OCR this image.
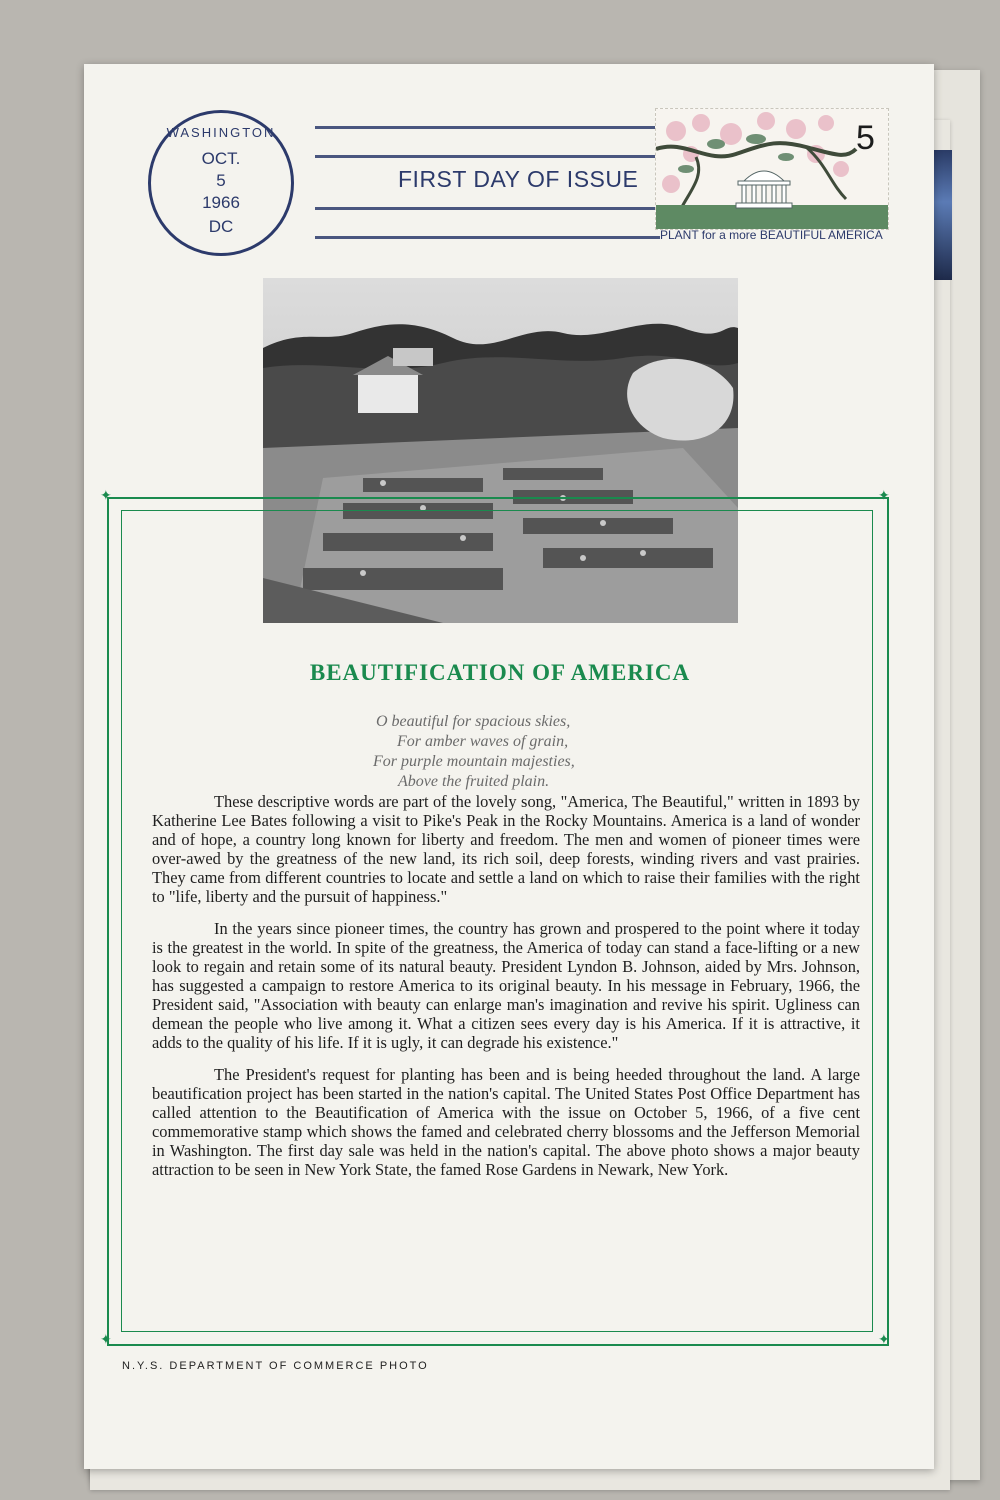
WASHINGTON
OCT.
5
1966
DC
FIRST DAY OF ISSUE
5
PLANT for a more BEAUTIFUL AMERICA
✦	✦
✦	✦
BEAUTIFICATION OF AMERICA
O beautiful for spacious skies,
For amber waves of grain,
For purple mountain majesties,
Above the fruited plain.

These descriptive words are part of the lovely song, "America, The Beautiful," written in 1893 by Katherine Lee Bates following a visit to Pike's Peak in the Rocky Mountains. America is a land of wonder and of hope, a country long known for liberty and freedom. The men and women of pioneer times were over-awed by the greatness of the new land, its rich soil, deep forests, winding rivers and vast prairies. They came from different countries to locate and settle a land on which to raise their families with the right to "life, liberty and the pursuit of happiness."

In the years since pioneer times, the country has grown and prospered to the point where it today is the greatest in the world. In spite of the greatness, the America of today can stand a face-lifting or a new look to regain and retain some of its natural beauty. President Lyndon B. Johnson, aided by Mrs. Johnson, has suggested a campaign to restore America to its original beauty. In his message in February, 1966, the President said, "Association with beauty can enlarge man's imagination and revive his spirit. Ugliness can demean the people who live among it. What a citizen sees every day is his America. If it is attractive, it adds to the quality of his life. If it is ugly, it can degrade his existence."

The President's request for planting has been and is being heeded throughout the land. A large beautification project has been started in the nation's capital. The United States Post Office Department has called attention to the Beautification of America with the issue on October 5, 1966, of a five cent commemorative stamp which shows the famed and celebrated cherry blossoms and the Jefferson Memorial in Washington. The first day sale was held in the nation's capital. The above photo shows a major beauty attraction to be seen in New York State, the famed Rose Gardens in Newark, New York.

N.Y.S. DEPARTMENT OF COMMERCE PHOTO
